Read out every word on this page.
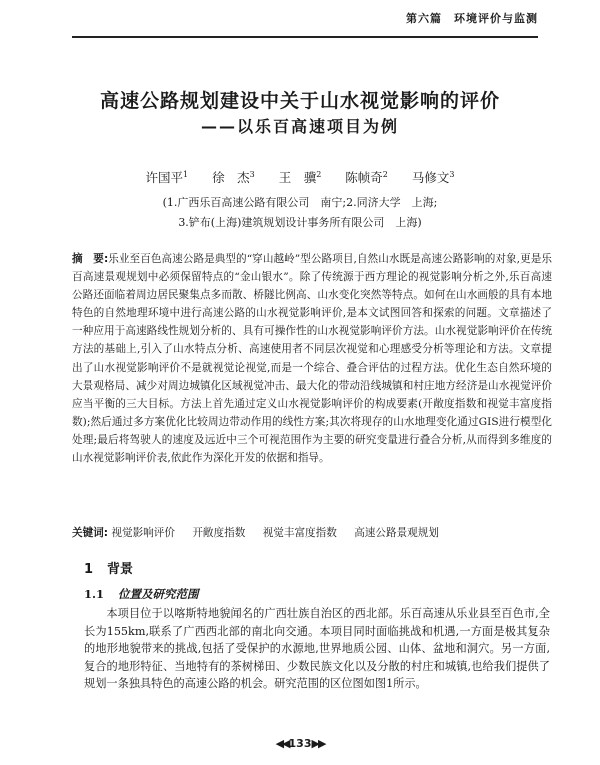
第六篇　环境评价与监测
高速公路规划建设中关于山水视觉影响的评价
——以乐百高速项目为例
许国平$^1$ 徐　杰$^3$ 王　骥$^2$ 陈帧奇$^2$ 马修文$^3$
(1.广西乐百高速公路有限公司　南宁;2.同济大学　上海;
3.铲布(上海)建筑规划设计事务所有限公司　上海)
摘　要:乐业至百色高速公路是典型的“穿山越岭”型公路项目,自然山水既是高速公路影响的对象,更是乐百高速景观规划中必须保留特点的“金山银水”。除了传统源于西方理论的视觉影响分析之外,乐百高速公路还面临着周边居民聚集点多而散、桥隧比例高、山水变化突然等特点。如何在山水画般的具有本地特色的自然地理环境中进行高速公路的山水视觉影响评价,是本文试图回答和探索的问题。文章描述了一种应用于高速路线性规划分析的、具有可操作性的山水视觉影响评价方法。山水视觉影响评价在传统方法的基础上,引入了山水特点分析、高速使用者不同层次视觉和心理感受分析等理论和方法。文章提出了山水视觉影响评价不是就视觉论视觉,而是一个综合、叠合评估的过程方法。优化生态自然环境的大景观格局、减少对周边城镇化区域视觉冲击、最大化的带动沿线城镇和村庄地方经济是山水视觉评价应当平衡的三大目标。方法上首先通过定义山水视觉影响评价的构成要素(开敞度指数和视觉丰富度指数);然后通过多方案优化比较周边带动作用的线性方案;其次将现存的山水地理变化通过GIS进行模型化处理;最后将驾驶人的速度及远近中三个可视范围作为主要的研究变量进行叠合分析,从而得到多维度的山水视觉影响评价表,依此作为深化开发的依据和指导。
关键词: 视觉影响评价 开敞度指数 视觉丰富度指数 高速公路景观规划
1 背景
1.1 位置及研究范围
本项目位于以喀斯特地貌闻名的广西壮族自治区的西北部。乐百高速从乐业县至百色市,全长为155km,联系了广西西北部的南北向交通。本项目同时面临挑战和机遇,一方面是极其复杂的地形地貌带来的挑战,包括了受保护的水源地,世界地质公园、山体、盆地和洞穴。另一方面,复合的地形特征、当地特有的茶树梯田、少数民族文化以及分散的村庄和城镇,也给我们提供了规划一条独具特色的高速公路的机会。研究范围的区位图如图1所示。
◀◀133▶▶
